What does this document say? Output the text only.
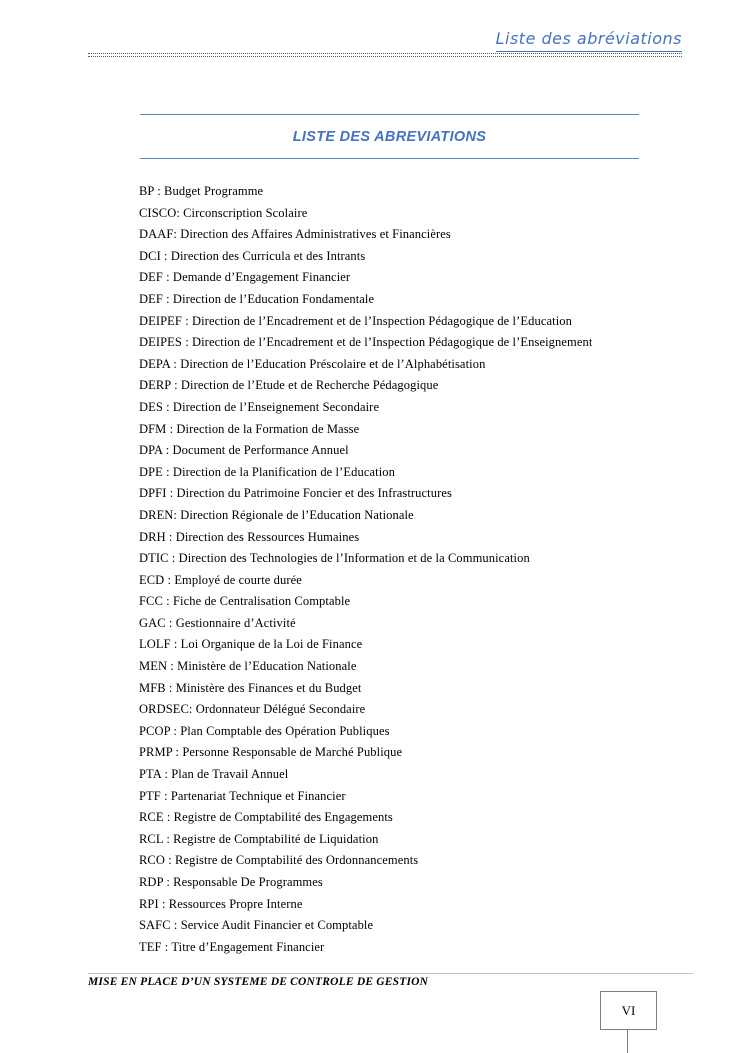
Liste des abréviations
LISTE DES ABREVIATIONS
BP : Budget Programme
CISCO: Circonscription Scolaire
DAAF: Direction des Affaires Administratives et Financières
DCI : Direction des Curricula et des Intrants
DEF : Demande d’Engagement Financier
DEF : Direction de l’Education Fondamentale
DEIPEF : Direction de l’Encadrement et de l’Inspection Pédagogique de l’Education
DEIPES : Direction de l’Encadrement et de l’Inspection Pédagogique de l’Enseignement
DEPA : Direction de l’Education Préscolaire et de l’Alphabétisation
DERP : Direction de l’Etude et de Recherche Pédagogique
DES : Direction de l’Enseignement Secondaire
DFM : Direction de la Formation de Masse
DPA : Document de Performance Annuel
DPE : Direction de la Planification de l’Education
DPFI : Direction du Patrimoine Foncier et des Infrastructures
DREN: Direction Régionale de l’Education Nationale
DRH : Direction des Ressources Humaines
DTIC : Direction des Technologies de l’Information et de la Communication
ECD : Employé de courte durée
FCC : Fiche de Centralisation Comptable
GAC : Gestionnaire d’Activité
LOLF : Loi Organique de la Loi de Finance
MEN : Ministère de l’Education Nationale
MFB : Ministère des Finances et du Budget
ORDSEC: Ordonnateur Délégué Secondaire
PCOP : Plan Comptable des Opération Publiques
PRMP : Personne Responsable de Marché Publique
PTA : Plan de Travail Annuel
PTF : Partenariat Technique et Financier
RCE : Registre de Comptabilité des Engagements
RCL : Registre de Comptabilité de Liquidation
RCO : Registre de Comptabilité des Ordonnancements
RDP : Responsable De Programmes
RPI : Ressources Propre Interne
SAFC : Service Audit Financier et Comptable
TEF : Titre d’Engagement Financier
MISE EN PLACE D’UN SYSTEME DE CONTROLE DE GESTION
VI
